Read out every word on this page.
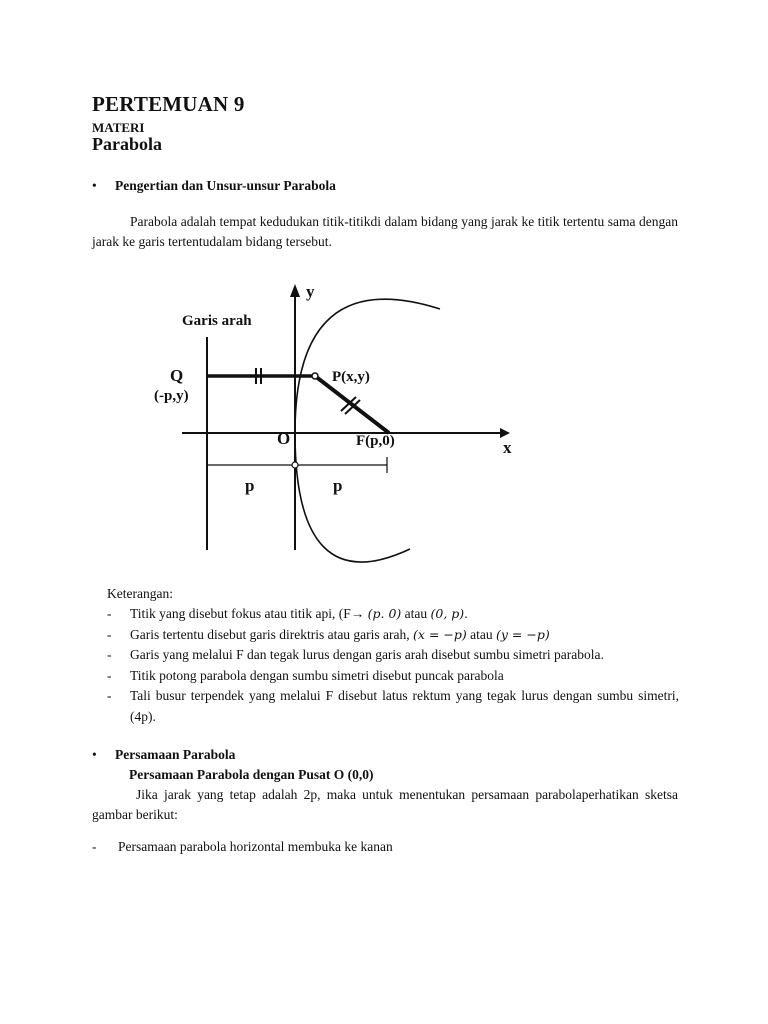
PERTEMUAN 9
MATERI
Parabola
• Pengertian dan Unsur-unsur Parabola
Parabola adalah tempat kedudukan titik-titikdi dalam bidang yang jarak ke titik tertentu sama dengan jarak ke garis tertentudalam bidang tersebut.
Garis arah
y
x
Q
(-p,y)
P(x,y)
O	F(p,0)
p	p
Keterangan:
- Titik yang disebut fokus atau titik api, (F→ (p. 0) atau (0, p).
- Garis tertentu disebut garis direktris atau garis arah, (x = −p) atau (y = −p)
- Garis yang melalui F dan tegak lurus dengan garis arah disebut sumbu simetri parabola.
- Titik potong parabola dengan sumbu simetri disebut puncak parabola
- Tali busur terpendek yang melalui F disebut latus rektum yang tegak lurus dengan sumbu simetri, (4p).
• Persamaan Parabola
Persamaan Parabola dengan Pusat O (0,0)
Jika jarak yang tetap adalah 2p, maka untuk menentukan persamaan parabolaperhatikan sketsa gambar berikut:
- Persamaan parabola horizontal membuka ke kanan
